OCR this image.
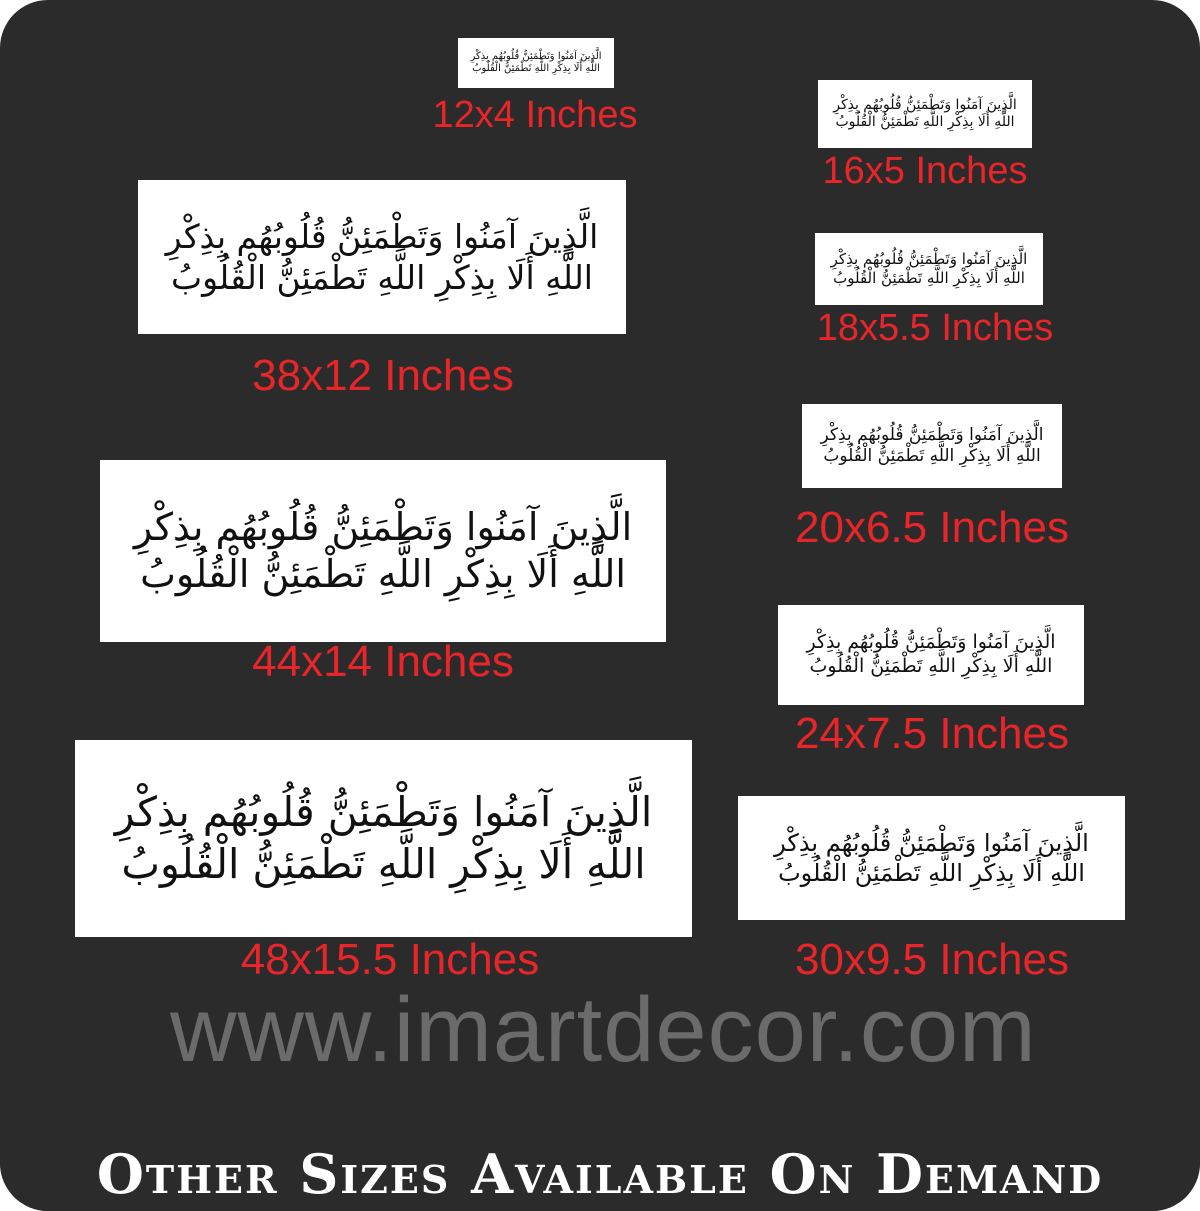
الَّذِينَ آمَنُوا وَتَطْمَئِنُّ قُلُوبُهُم بِذِكْرِ
اللَّهِ أَلَا بِذِكْرِ اللَّهِ تَطْمَئِنُّ الْقُلُوبُ
12x4 Inches	الَّذِينَ آمَنُوا وَتَطْمَئِنُّ قُلُوبُهُم بِذِكْرِ
اللَّهِ أَلَا بِذِكْرِ اللَّهِ تَطْمَئِنُّ الْقُلُوبُ
16x5 Inches
الَّذِينَ آمَنُوا وَتَطْمَئِنُّ قُلُوبُهُم بِذِكْرِ
اللَّهِ أَلَا بِذِكْرِ اللَّهِ تَطْمَئِنُّ الْقُلُوبُ
18x5.5 Inches
الَّذِينَ آمَنُوا وَتَطْمَئِنُّ قُلُوبُهُم بِذِكْرِ
اللَّهِ أَلَا بِذِكْرِ اللَّهِ تَطْمَئِنُّ الْقُلُوبُ
38x12 Inches
الَّذِينَ آمَنُوا وَتَطْمَئِنُّ قُلُوبُهُم بِذِكْرِ
اللَّهِ أَلَا بِذِكْرِ اللَّهِ تَطْمَئِنُّ الْقُلُوبُ
20x6.5 Inches
الَّذِينَ آمَنُوا وَتَطْمَئِنُّ قُلُوبُهُم بِذِكْرِ
اللَّهِ أَلَا بِذِكْرِ اللَّهِ تَطْمَئِنُّ الْقُلُوبُ
44x14 Inches	الَّذِينَ آمَنُوا وَتَطْمَئِنُّ قُلُوبُهُم بِذِكْرِ
اللَّهِ أَلَا بِذِكْرِ اللَّهِ تَطْمَئِنُّ الْقُلُوبُ
24x7.5 Inches
الَّذِينَ آمَنُوا وَتَطْمَئِنُّ قُلُوبُهُم بِذِكْرِ
اللَّهِ أَلَا بِذِكْرِ اللَّهِ تَطْمَئِنُّ الْقُلُوبُ
48x15.5 Inches
الَّذِينَ آمَنُوا وَتَطْمَئِنُّ قُلُوبُهُم بِذِكْرِ
اللَّهِ أَلَا بِذِكْرِ اللَّهِ تَطْمَئِنُّ الْقُلُوبُ
30x9.5 Inches
www.imartdecor.com
Other Sizes Available On Demand
